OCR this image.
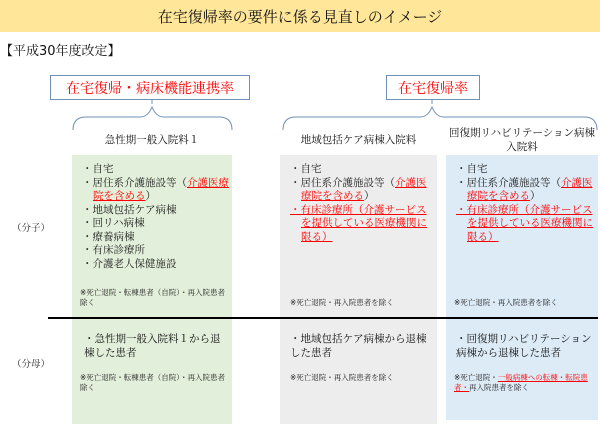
在宅復帰率の要件に係る見直しのイメージ
【平成30年度改定】
在宅復帰・病床機能連携率	在宅復帰率
急性期一般入院料１	地域包括ケア病棟入院料
回復期リハビリテーション病棟入院料
（分子）
（分母）
・自宅
・居住系介護施設等（介護医療院を含める）
・地域包括ケア病棟
・回リハ病棟
・療養病棟
・有床診療所
・介護老人保健施設
※死亡退院・転棟患者（自院）・再入院患者除く
・自宅
・居住系介護施設等（介護医療院を含める）
・有床診療所（介護サービスを提供している医療機関に限る）
※死亡退院・再入院患者を除く
・自宅
・居住系介護施設等（介護医療院を含める）
・有床診療所（介護サービスを提供している医療機関に限る）
※死亡退院・再入院患者を除く
・急性期一般入院料１から退棟した患者
※死亡退院・転棟患者（自院）・再入院患者除く
・地域包括ケア病棟から退棟した患者
※死亡退院・再入院患者を除く
・回復期リハビリテーション病棟から退棟した患者
※死亡退院・一般病棟への転棟・転院患者・再入院患者を除く
